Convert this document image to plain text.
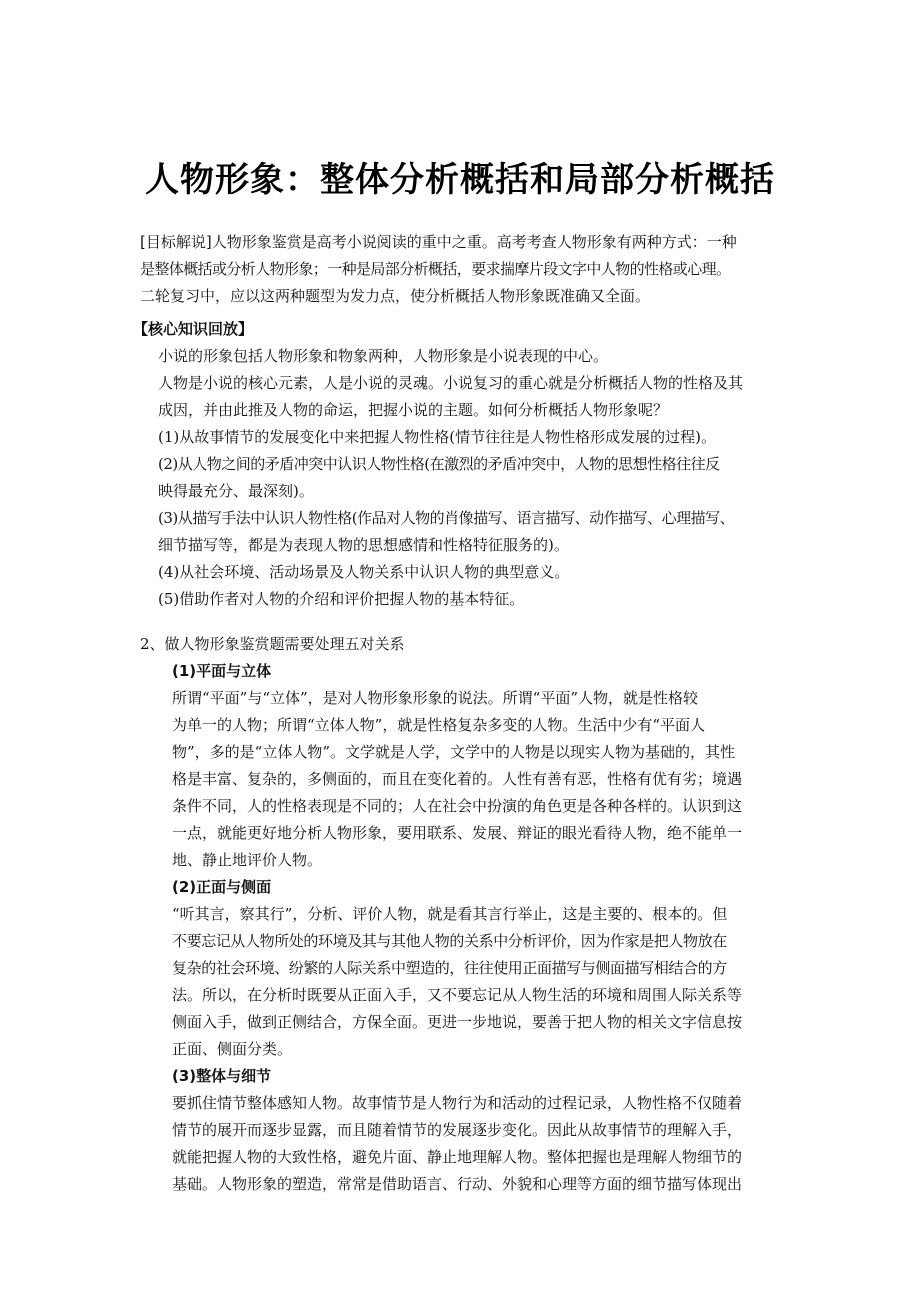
人物形象：整体分析概括和局部分析概括
[目标解说]人物形象鉴赏是高考小说阅读的重中之重。高考考查人物形象有两种方式：一种
是整体概括或分析人物形象；一种是局部分析概括，要求揣摩片段文字中人物的性格或心理。
二轮复习中，应以这两种题型为发力点，使分析概括人物形象既准确又全面。
【核心知识回放】
小说的形象包括人物形象和物象两种，人物形象是小说表现的中心。
人物是小说的核心元素，人是小说的灵魂。小说复习的重心就是分析概括人物的性格及其
成因，并由此推及人物的命运，把握小说的主题。如何分析概括人物形象呢？
(1)从故事情节的发展变化中来把握人物性格(情节往往是人物性格形成发展的过程)。
(2)从人物之间的矛盾冲突中认识人物性格(在激烈的矛盾冲突中，人物的思想性格往往反
映得最充分、最深刻)。
(3)从描写手法中认识人物性格(作品对人物的肖像描写、语言描写、动作描写、心理描写、
细节描写等，都是为表现人物的思想感情和性格特征服务的)。
(4)从社会环境、活动场景及人物关系中认识人物的典型意义。
(5)借助作者对人物的介绍和评价把握人物的基本特征。
2、做人物形象鉴赏题需要处理五对关系
(1)平面与立体
所谓“平面”与“立体”，是对人物形象形象的说法。所谓“平面”人物，就是性格较
为单一的人物；所谓“立体人物”，就是性格复杂多变的人物。生活中少有“平面人
物”，多的是“立体人物”。文学就是人学，文学中的人物是以现实人物为基础的，其性
格是丰富、复杂的，多侧面的，而且在变化着的。人性有善有恶，性格有优有劣；境遇
条件不同，人的性格表现是不同的；人在社会中扮演的角色更是各种各样的。认识到这
一点，就能更好地分析人物形象，要用联系、发展、辩证的眼光看待人物，绝不能单一
地、静止地评价人物。
(2)正面与侧面
“听其言，察其行”，分析、评价人物，就是看其言行举止，这是主要的、根本的。但
不要忘记从人物所处的环境及其与其他人物的关系中分析评价，因为作家是把人物放在
复杂的社会环境、纷繁的人际关系中塑造的，往往使用正面描写与侧面描写相结合的方
法。所以，在分析时既要从正面入手，又不要忘记从人物生活的环境和周围人际关系等
侧面入手，做到正侧结合，方保全面。更进一步地说，要善于把人物的相关文字信息按
正面、侧面分类。
(3)整体与细节
要抓住情节整体感知人物。故事情节是人物行为和活动的过程记录，人物性格不仅随着
情节的展开而逐步显露，而且随着情节的发展逐步变化。因此从故事情节的理解入手，
就能把握人物的大致性格，避免片面、静止地理解人物。整体把握也是理解人物细节的
基础。人物形象的塑造，常常是借助语言、行动、外貌和心理等方面的细节描写体现出
